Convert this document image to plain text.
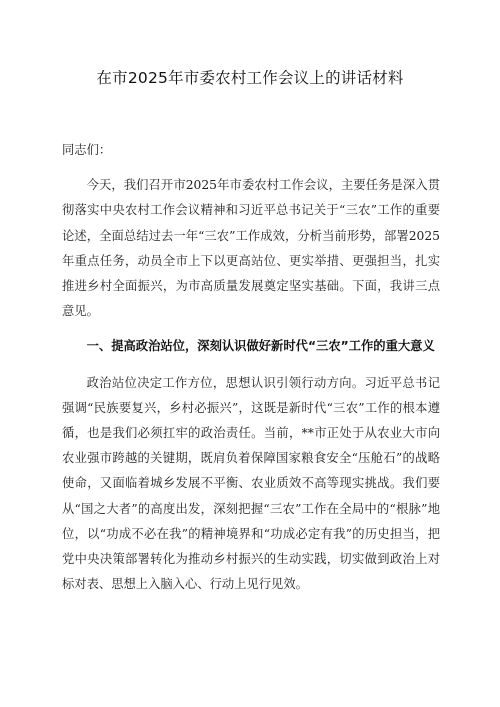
在市2025年市委农村工作会议上的讲话材料

同志们：

今天，我们召开市2025年市委农村工作会议，主要任务是深入贯彻落实中央农村工作会议精神和习近平总书记关于“三农”工作的重要论述，全面总结过去一年“三农”工作成效，分析当前形势，部署2025年重点任务，动员全市上下以更高站位、更实举措、更强担当，扎实推进乡村全面振兴，为市高质量发展奠定坚实基础。下面，我讲三点意见。

一、提高政治站位，深刻认识做好新时代“三农”工作的重大意义

政治站位决定工作方位，思想认识引领行动方向。习近平总书记强调“民族要复兴，乡村必振兴”，这既是新时代“三农”工作的根本遵循，也是我们必须扛牢的政治责任。当前，**市正处于从农业大市向农业强市跨越的关键期，既肩负着保障国家粮食安全“压舱石”的战略使命，又面临着城乡发展不平衡、农业质效不高等现实挑战。我们要从“国之大者”的高度出发，深刻把握“三农”工作在全局中的“根脉”地位，以“功成不必在我”的精神境界和“功成必定有我”的历史担当，把党中央决策部署转化为推动乡村振兴的生动实践，切实做到政治上对标对表、思想上入脑入心、行动上见行见效。
